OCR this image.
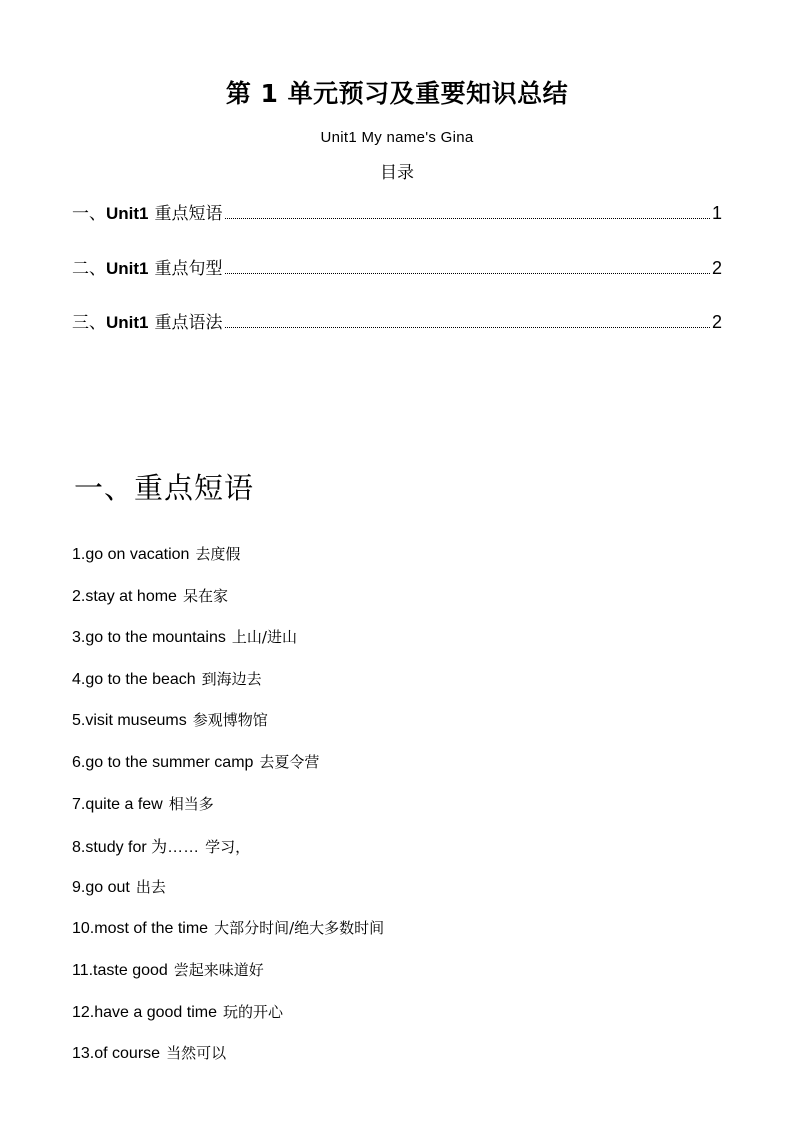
第 1 单元预习及重要知识总结
Unit1 My name's Gina
目录
一、 Unit1 重点短语	1
二、 Unit1 重点句型	2
三、 Unit1 重点语法	2
一、重点短语
1.go on vacation 去度假
2.stay at home 呆在家
3.go to the mountains 上山/进山
4.go to the beach 到海边去
5.visit museums 参观博物馆
6.go to the summer camp 去夏令营
7.quite a few 相当多
8.study for 为…… 学习，
9.go out 出去
10.most of the time 大部分时间/绝大多数时间
11.taste good 尝起来味道好
12.have a good time 玩的开心
13.of course 当然可以
